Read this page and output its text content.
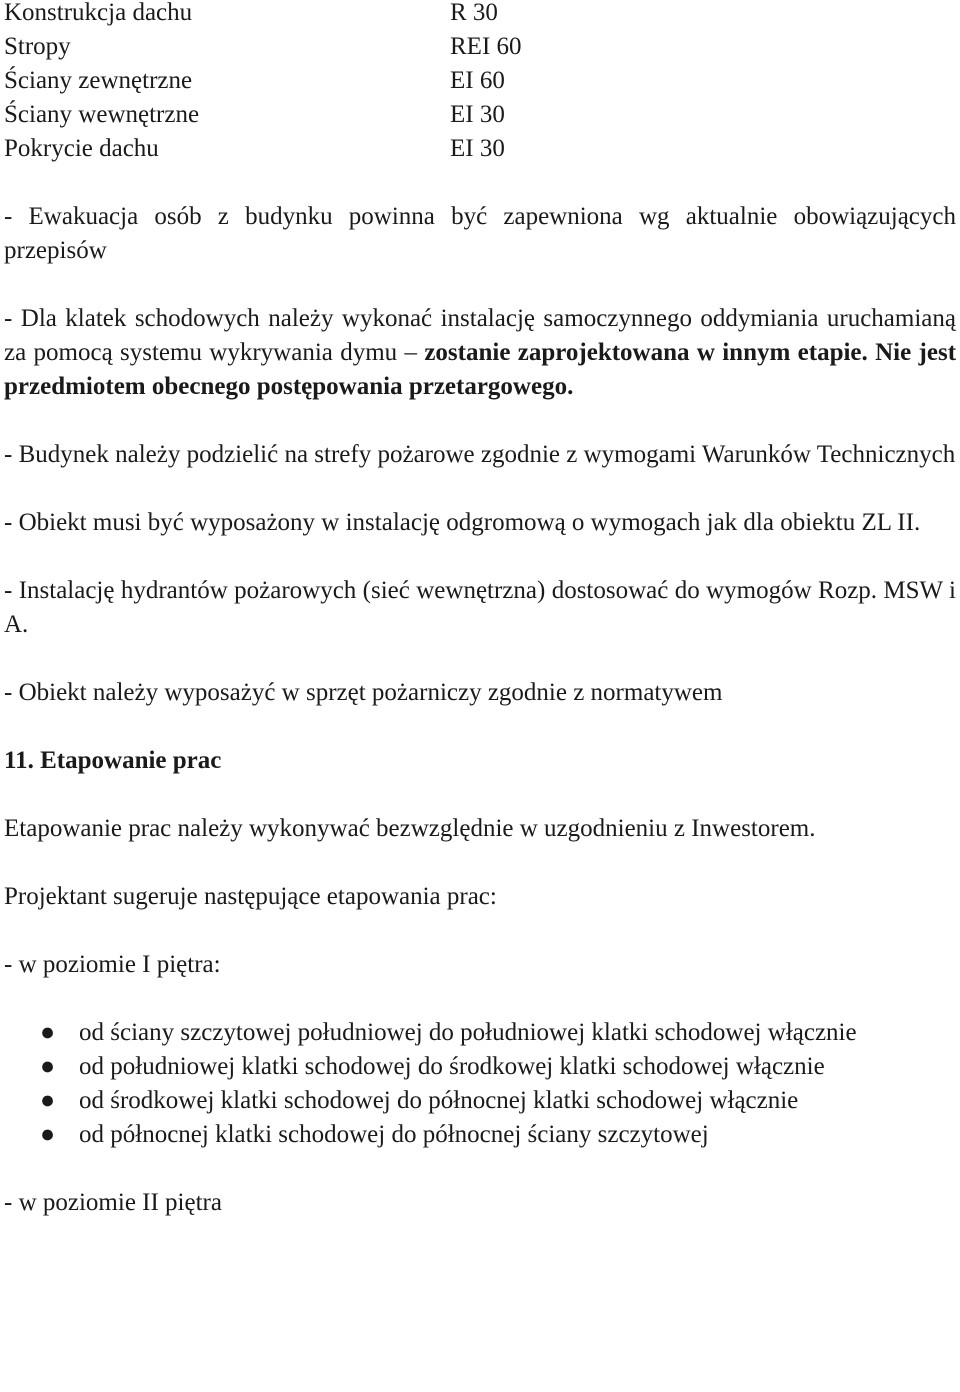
Konstrukcja dachu	R 30
Stropy	REI 60
Ściany zewnętrzne	EI 60
Ściany wewnętrzne	EI 30
Pokrycie dachu	EI 30

- Ewakuacja osób z budynku powinna być zapewniona wg aktualnie obowiązujących przepisów

- Dla klatek schodowych należy wykonać instalację samoczynnego oddymiania uruchamianą za pomocą systemu wykrywania dymu – zostanie zaprojektowana w innym etapie. Nie jest przedmiotem obecnego postępowania przetargowego.

- Budynek należy podzielić na strefy pożarowe zgodnie z wymogami Warunków Technicznych

- Obiekt musi być wyposażony w instalację odgromową o wymogach jak dla obiektu ZL II.

- Instalację hydrantów pożarowych (sieć wewnętrzna) dostosować do wymogów Rozp. MSW i A.

- Obiekt należy wyposażyć w sprzęt pożarniczy zgodnie z normatywem

11. Etapowanie prac

Etapowanie prac należy wykonywać bezwzględnie w uzgodnieniu z Inwestorem.

Projektant sugeruje następujące etapowania prac:

- w poziomie I piętra:

● od ściany szczytowej południowej do południowej klatki schodowej włącznie
● od południowej klatki schodowej do środkowej klatki schodowej włącznie
● od środkowej klatki schodowej do północnej klatki schodowej włącznie
● od północnej klatki schodowej do północnej ściany szczytowej

- w poziomie II piętra
